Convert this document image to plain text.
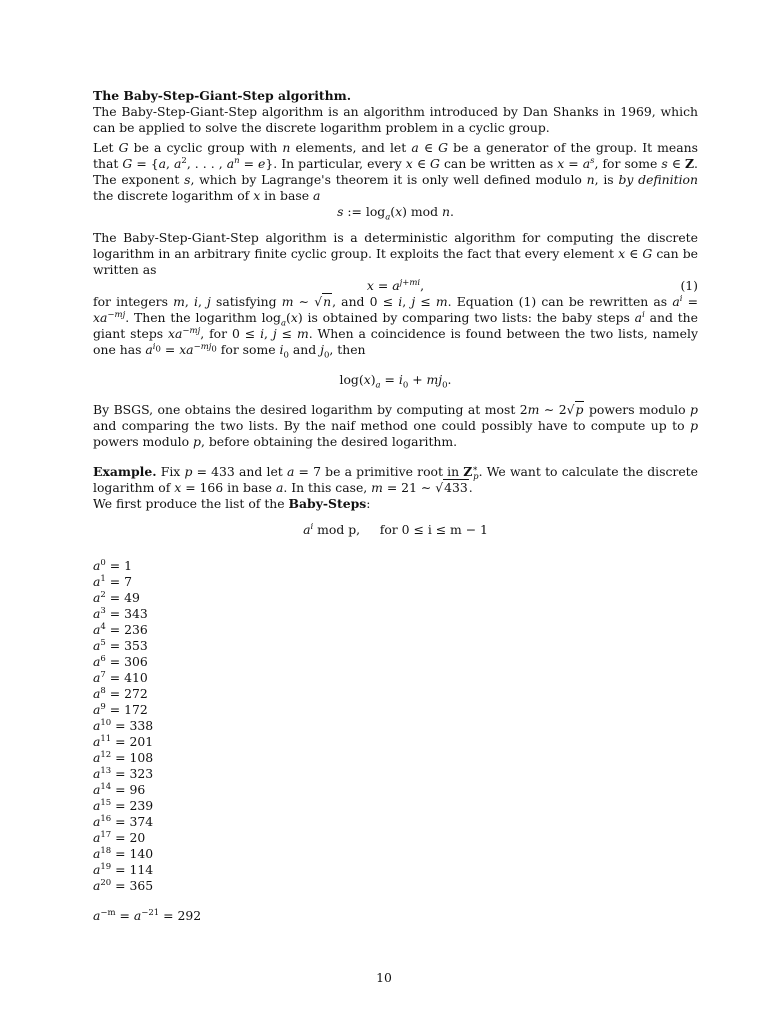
The Baby-Step-Giant-Step algorithm.

The Baby-Step-Giant-Step algorithm is an algorithm introduced by Dan Shanks in 1969, which can be applied to solve the discrete logarithm problem in a cyclic group.

Let G be a cyclic group with n elements, and let a ∈ G be a generator of the group. It means that G = {a, $a^2$, . . . , $a^n = e$}. In particular, every x ∈ G can be written as $x = a^s$, for some s ∈ Z. The exponent s, which by Lagrange's theorem it is only well defined modulo n, is by definition the discrete logarithm of x in base a

s := $\log_a(x)$ mod n.

The Baby-Step-Giant-Step algorithm is a deterministic algorithm for computing the discrete logarithm in an arbitrary finite cyclic group. It exploits the fact that every element x ∈ G can be written as

$x = a^{j+mi}$,	(1)

for integers m, i, j satisfying m ∼ √n, and 0 ≤ i, j ≤ m. Equation (1) can be rewritten as $a^i = xa^{-mj}$. Then the logarithm $\log_a(x)$ is obtained by comparing two lists: the baby steps $a^i$ and the giant steps $xa^{-mj}$, for 0 ≤ i, j ≤ m. When a coincidence is found between the two lists, namely one has $a^{i_0} = xa^{-mj_0}$ for some $i_0$ and $j_0$, then

$\log(x)_a = i_0 + mj_0$.

By BSGS, one obtains the desired logarithm by computing at most 2m ∼ 2√p powers modulo p and comparing the two lists. By the naif method one could possibly have to compute up to p powers modulo p, before obtaining the desired logarithm.

Example. Fix p = 433 and let a = 7 be a primitive root in $Z^∗_p$. We want to calculate the discrete logarithm of x = 166 in base a. In this case, m = 21 ∼ √433.
We first produce the list of the Baby-Steps:

$a^i$ mod p, for 0 ≤ i ≤ m − 1

$a^0 = 1$
$a^1 = 7$
$a^2 = 49$
$a^3 = 343$
$a^4 = 236$
$a^5 = 353$
$a^6 = 306$
$a^7 = 410$
$a^8 = 272$
$a^9 = 172$
$a^{10} = 338$
$a^{11} = 201$
$a^{12} = 108$
$a^{13} = 323$
$a^{14} = 96$
$a^{15} = 239$
$a^{16} = 374$
$a^{17} = 20$
$a^{18} = 140$
$a^{19} = 114$
$a^{20} = 365$

$a^{-m} = a^{-21} = 292$

10
